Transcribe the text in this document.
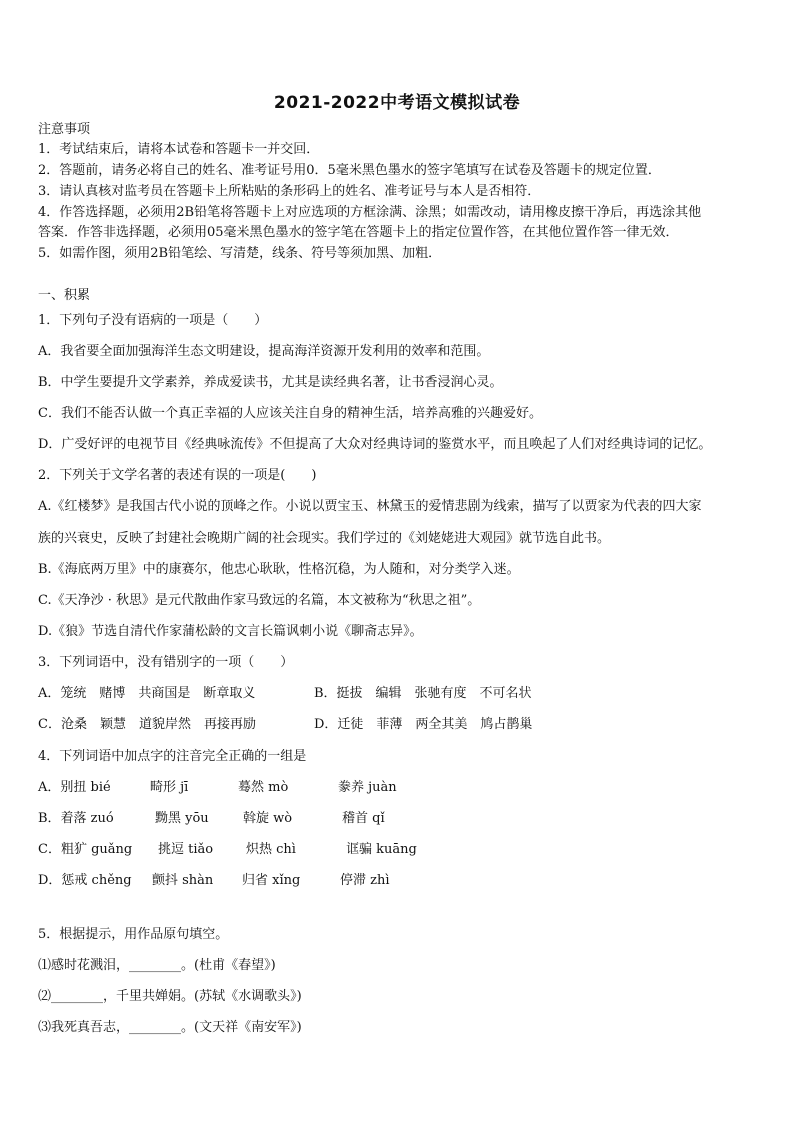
2021-2022中考语文模拟试卷
注意事项
1．考试结束后，请将本试卷和答题卡一并交回．
2．答题前，请务必将自己的姓名、准考证号用0．5毫米黑色墨水的签字笔填写在试卷及答题卡的规定位置．
3．请认真核对监考员在答题卡上所粘贴的条形码上的姓名、准考证号与本人是否相符．
4．作答选择题，必须用2B铅笔将答题卡上对应选项的方框涂满、涂黑；如需改动，请用橡皮擦干净后，再选涂其他
答案．作答非选择题，必须用05毫米黑色墨水的签字笔在答题卡上的指定位置作答，在其他位置作答一律无效．
5．如需作图，须用2B铅笔绘、写清楚，线条、符号等须加黑、加粗．
一、积累
1．下列句子没有语病的一项是（　　）
A．我省要全面加强海洋生态文明建设，提高海洋资源开发利用的效率和范围。
B．中学生要提升文学素养，养成爱读书，尤其是读经典名著，让书香浸润心灵。
C．我们不能否认做一个真正幸福的人应该关注自身的精神生活，培养高雅的兴趣爱好。
D．广受好评的电视节目《经典咏流传》不但提高了大众对经典诗词的鉴赏水平，而且唤起了人们对经典诗词的记忆。
2．下列关于文学名著的表述有误的一项是(　　)
A.《红楼梦》是我国古代小说的顶峰之作。小说以贾宝玉、林黛玉的爱情悲剧为线索，描写了以贾家为代表的四大家
族的兴衰史，反映了封建社会晚期广阔的社会现实。我们学过的《刘姥姥进大观园》就节选自此书。
B.《海底两万里》中的康赛尔，他忠心耿耿，性格沉稳，为人随和，对分类学入迷。
C.《天净沙 · 秋思》是元代散曲作家马致远的名篇，本文被称为“秋思之祖”。
D.《狼》节选自清代作家蒲松龄的文言长篇讽刺小说《聊斋志异》。
3．下列词语中，没有错别字的一项（　　）
A．笼统　赌博　共商国是　断章取义	B．挺拔　编辑　张驰有度　不可名状
C．沧桑　颖慧　道貌岸然　再接再励	D．迁徒　菲薄　两全其美　鸠占鹊巢
4．下列词语中加点字的注音完全正确的一组是
A．别扭 bié	畸形 jī	蓦然 mò	豢养 juàn
B．着落 zuó	黝黑 yōu	斡旋 wò	稽首 qǐ
C．粗犷 guǎng 挑逗 tiǎo	炽热 chì	诓骗 kuāng
D．惩戒 chěng 颤抖 shàn 归省 xǐng	停滞 zhì
5．根据提示，用作品原句填空。
⑴感时花溅泪，________。(杜甫《春望》)
⑵________，千里共婵娟。(苏轼《水调歌头》)
⑶我死真吾志，________。(文天祥《南安军》)
